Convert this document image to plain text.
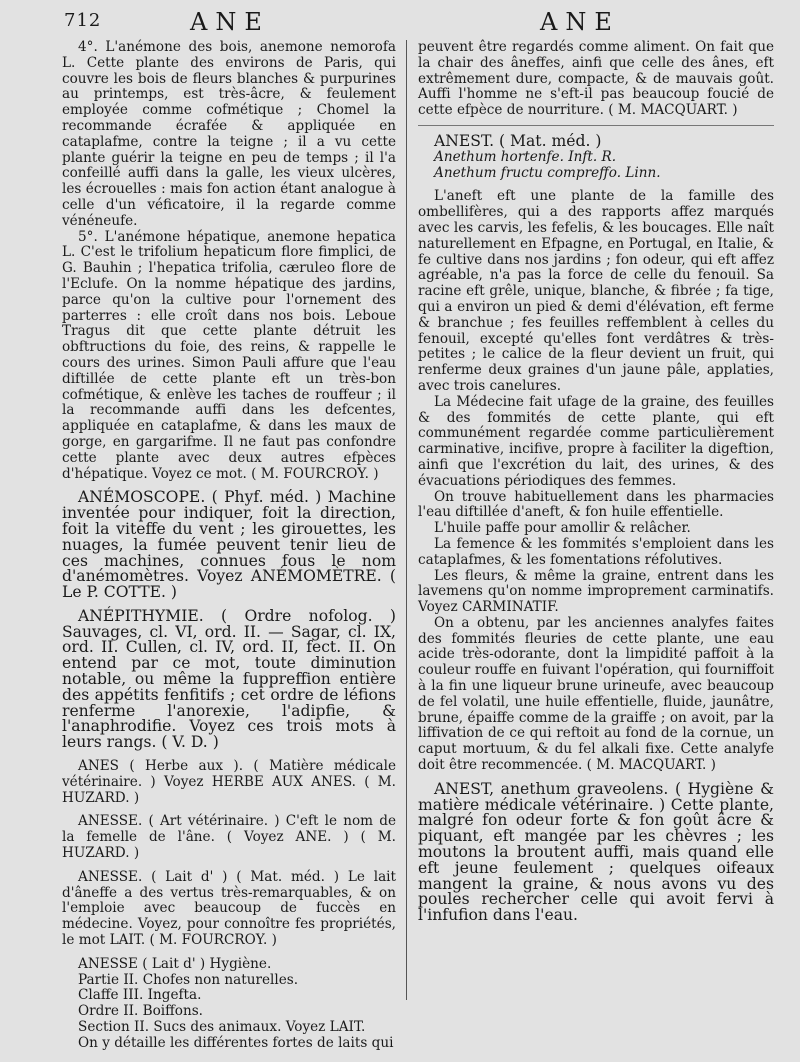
712	ANE	ANE

4°. L'anémone des bois, anemone nemorofa L. Cette plante des environs de Paris, qui couvre les bois de fleurs blanches & purpurines au printemps, est très-âcre, & feulement employée comme cofmétique ; Chomel la recommande écrafée & appliquée en cataplafme, contre la teigne ; il a vu cette plante guérir la teigne en peu de temps ; il l'a confeillé auffi dans la galle, les vieux ulcères, les écrouelles : mais fon action étant analogue à celle d'un véficatoire, il la regarde comme vénéneufe.

5°. L'anémone hépatique, anemone hepatica L. C'est le trifolium hepaticum flore fimplici, de G. Bauhin ; l'hepatica trifolia, cæruleo flore de l'Eclufe. On la nomme hépatique des jardins, parce qu'on la cultive pour l'ornement des parterres : elle croît dans nos bois. Leboue Tragus dit que cette plante détruit les obftructions du foie, des reins, & rappelle le cours des urines. Simon Pauli affure que l'eau diftillée de cette plante eft un très-bon cofmétique, & enlève les taches de rouffeur ; il la recommande auffi dans les defcentes, appliquée en cataplafme, & dans les maux de gorge, en gargarifme. Il ne faut pas confondre cette plante avec deux autres efpèces d'hépatique. Voyez ce mot. ( M. FOURCROY. )

ANÉMOSCOPE. ( Phyf. méd. ) Machine inventée pour indiquer, foit la direction, foit la viteffe du vent ; les girouettes, les nuages, la fumée peuvent tenir lieu de ces machines, connues fous le nom d'anémomètres. Voyez ANÉMOMÈTRE. ( Le P. COTTE. )

ANÉPITHYMIE. ( Ordre nofolog. ) Sauvages, cl. VI, ord. II. — Sagar, cl. IX, ord. II. Cullen, cl. IV, ord. II, fect. II. On entend par ce mot, toute diminution notable, ou même la fuppreffion entière des appétits fenfitifs ; cet ordre de léfions renferme l'anorexie, l'adipfie, & l'anaphrodifie. Voyez ces trois mots à leurs rangs. ( V. D. )

ANES ( Herbe aux ). ( Matière médicale vétérinaire. ) Voyez HERBE AUX ANES. ( M. HUZARD. )

ANESSE. ( Art vétérinaire. ) C'eft le nom de la femelle de l'âne. ( Voyez ANE. ) ( M. HUZARD. )

ANESSE. ( Lait d' ) ( Mat. méd. ) Le lait d'âneffe a des vertus très-remarquables, & on l'emploie avec beaucoup de fuccès en médecine. Voyez, pour connoître fes propriétés, le mot LAIT. ( M. FOURCROY. )

ANESSE ( Lait d' ) Hygiène.

Partie II. Chofes non naturelles.

Claffe III. Ingefta.

Ordre II. Boiffons.

Section II. Sucs des animaux. Voyez LAIT.

On y détaille les différentes fortes de laits qui

peuvent être regardés comme aliment. On fait que la chair des âneffes, ainfi que celle des ânes, eft extrêmement dure, compacte, & de mauvais goût. Auffi l'homme ne s'eft-il pas beaucoup foucié de cette efpèce de nourriture. ( M. MACQUART. )

ANEST. ( Mat. méd. )

Anethum hortenfe. Inft. R.

Anethum fructu compreffo. Linn.

L'aneft eft une plante de la famille des ombellifères, qui a des rapports affez marqués avec les carvis, les fefelis, & les boucages. Elle naît naturellement en Efpagne, en Portugal, en Italie, & fe cultive dans nos jardins ; fon odeur, qui eft affez agréable, n'a pas la force de celle du fenouil. Sa racine eft grêle, unique, blanche, & fibrée ; fa tige, qui a environ un pied & demi d'élévation, eft ferme & branchue ; fes feuilles reffemblent à celles du fenouil, excepté qu'elles font verdâtres & très-petites ; le calice de la fleur devient un fruit, qui renferme deux graines d'un jaune pâle, applaties, avec trois canelures.

La Médecine fait ufage de la graine, des feuilles & des fommités de cette plante, qui eft communément regardée comme particulièrement carminative, incifive, propre à faciliter la digeftion, ainfi que l'excrétion du lait, des urines, & des évacuations périodiques des femmes.

On trouve habituellement dans les pharmacies l'eau diftillée d'aneft, & fon huile effentielle.

L'huile paffe pour amollir & relâcher.

La femence & les fommités s'emploient dans les cataplafmes, & les fomentations réfolutives.

Les fleurs, & même la graine, entrent dans les lavemens qu'on nomme improprement carminatifs. Voyez CARMINATIF.

On a obtenu, par les anciennes analyfes faites des fommités fleuries de cette plante, une eau acide très-odorante, dont la limpidité paffoit à la couleur rouffe en fuivant l'opération, qui fourniffoit à la fin une liqueur brune urineufe, avec beaucoup de fel volatil, une huile effentielle, fluide, jaunâtre, brune, épaiffe comme de la graiffe ; on avoit, par la liffivation de ce qui reftoit au fond de la cornue, un caput mortuum, & du fel alkali fixe. Cette analyfe doit être recommencée. ( M. MACQUART. )

ANEST, anethum graveolens. ( Hygiène & matière médicale vétérinaire. ) Cette plante, malgré fon odeur forte & fon goût âcre & piquant, eft mangée par les chèvres ; les moutons la broutent auffi, mais quand elle eft jeune feulement ; quelques oifeaux mangent la graine, & nous avons vu des poules rechercher celle qui avoit fervi à l'infufion dans l'eau.
